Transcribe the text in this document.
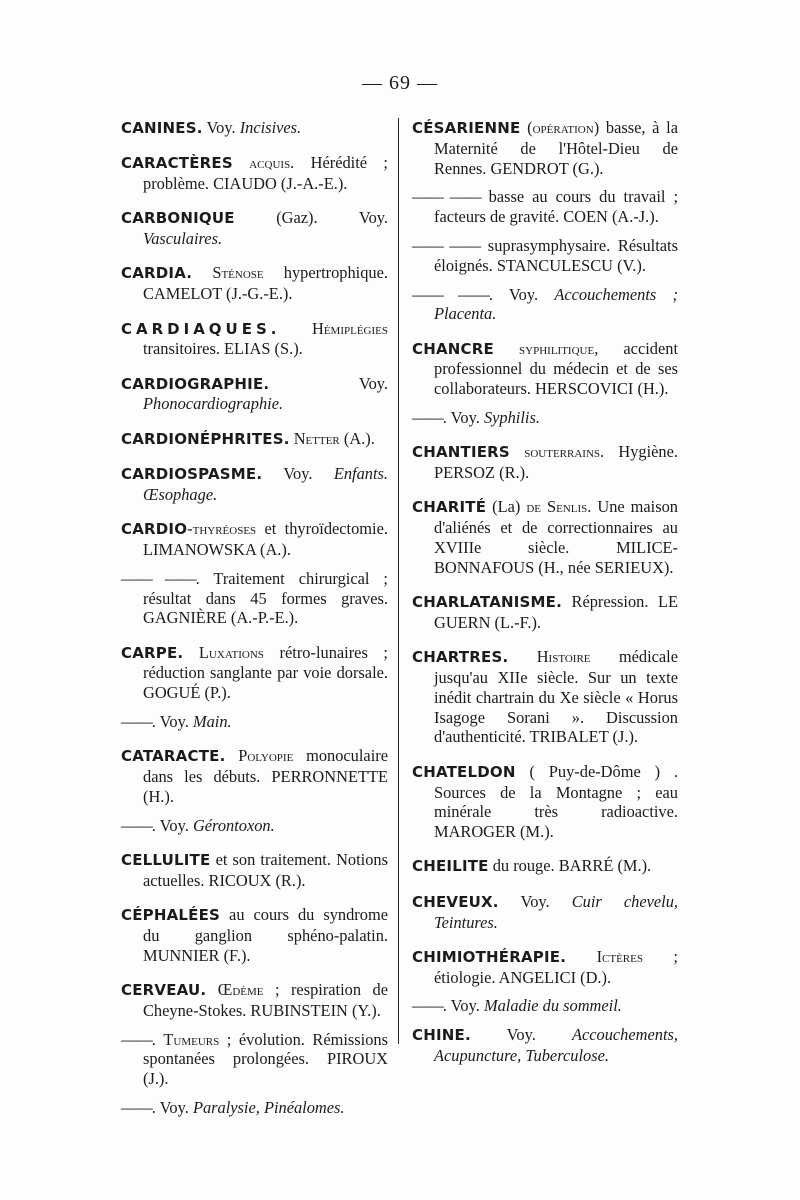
— 69 —

CANINES. Voy. Incisives.

CARACTÈRES acquis. Hérédité ; problème. CIAUDO (J.-A.-E.).

CARBONIQUE (Gaz). Voy. Vasculaires.

CARDIA. Sténose hypertrophique. CAMELOT (J.-G.-E.).

CARDIAQUES. Hémiplégies transitoires. ELIAS (S.).

CARDIOGRAPHIE. Voy. Phonocardiographie.

CARDIONÉPHRITES. Netter (A.).

CARDIOSPASME. Voy. Enfants. Œsophage.

CARDIO-thyréoses et thyroïdectomie. LIMANOWSKA (A.).

—— ——. Traitement chirurgical ; résultat dans 45 formes graves. GAGNIÈRE (A.-P.-E.).

CARPE. Luxations rétro-lunaires ; réduction sanglante par voie dorsale. GOGUÉ (P.).

——. Voy. Main.

CATARACTE. Polyopie monoculaire dans les débuts. PERRONNETTE (H.).

——. Voy. Gérontoxon.

CELLULITE et son traitement. Notions actuelles. RICOUX (R.).

CÉPHALÉES au cours du syndrome du ganglion sphéno-palatin. MUNNIER (F.).

CERVEAU. Œdème ; respiration de Cheyne-Stokes. RUBINSTEIN (Y.).

——. Tumeurs ; évolution. Rémissions spontanées prolongées. PIROUX (J.).

——. Voy. Paralysie, Pinéalomes.

CÉSARIENNE (opération) basse, à la Maternité de l'Hôtel-Dieu de Rennes. GENDROT (G.).

—— —— basse au cours du travail ; facteurs de gravité. COEN (A.-J.).

—— —— suprasymphysaire. Résultats éloignés. STANCULESCU (V.).

—— ——. Voy. Accouchements ; Placenta.

CHANCRE syphilitique, accident professionnel du médecin et de ses collaborateurs. HERSCOVICI (H.).

——. Voy. Syphilis.

CHANTIERS souterrains. Hygiène. PERSOZ (R.).

CHARITÉ (La) de Senlis. Une maison d'aliénés et de correctionnaires au XVIIIe siècle. MILICE-BONNAFOUS (H., née SERIEUX).

CHARLATANISME. Répression. LE GUERN (L.-F.).

CHARTRES. Histoire médicale jusqu'au XIIe siècle. Sur un texte inédit chartrain du Xe siècle « Horus Isagoge Sorani ». Discussion d'authenticité. TRIBALET (J.).

CHATELDON ( Puy-de-Dôme ) . Sources de la Montagne ; eau minérale très radioactive. MAROGER (M.).

CHEILITE du rouge. BARRÉ (M.).

CHEVEUX. Voy. Cuir chevelu, Teintures.

CHIMIOTHÉRAPIE. Ictères ; étiologie. ANGELICI (D.).

——. Voy. Maladie du sommeil.

CHINE. Voy. Accouchements, Acupuncture, Tuberculose.
